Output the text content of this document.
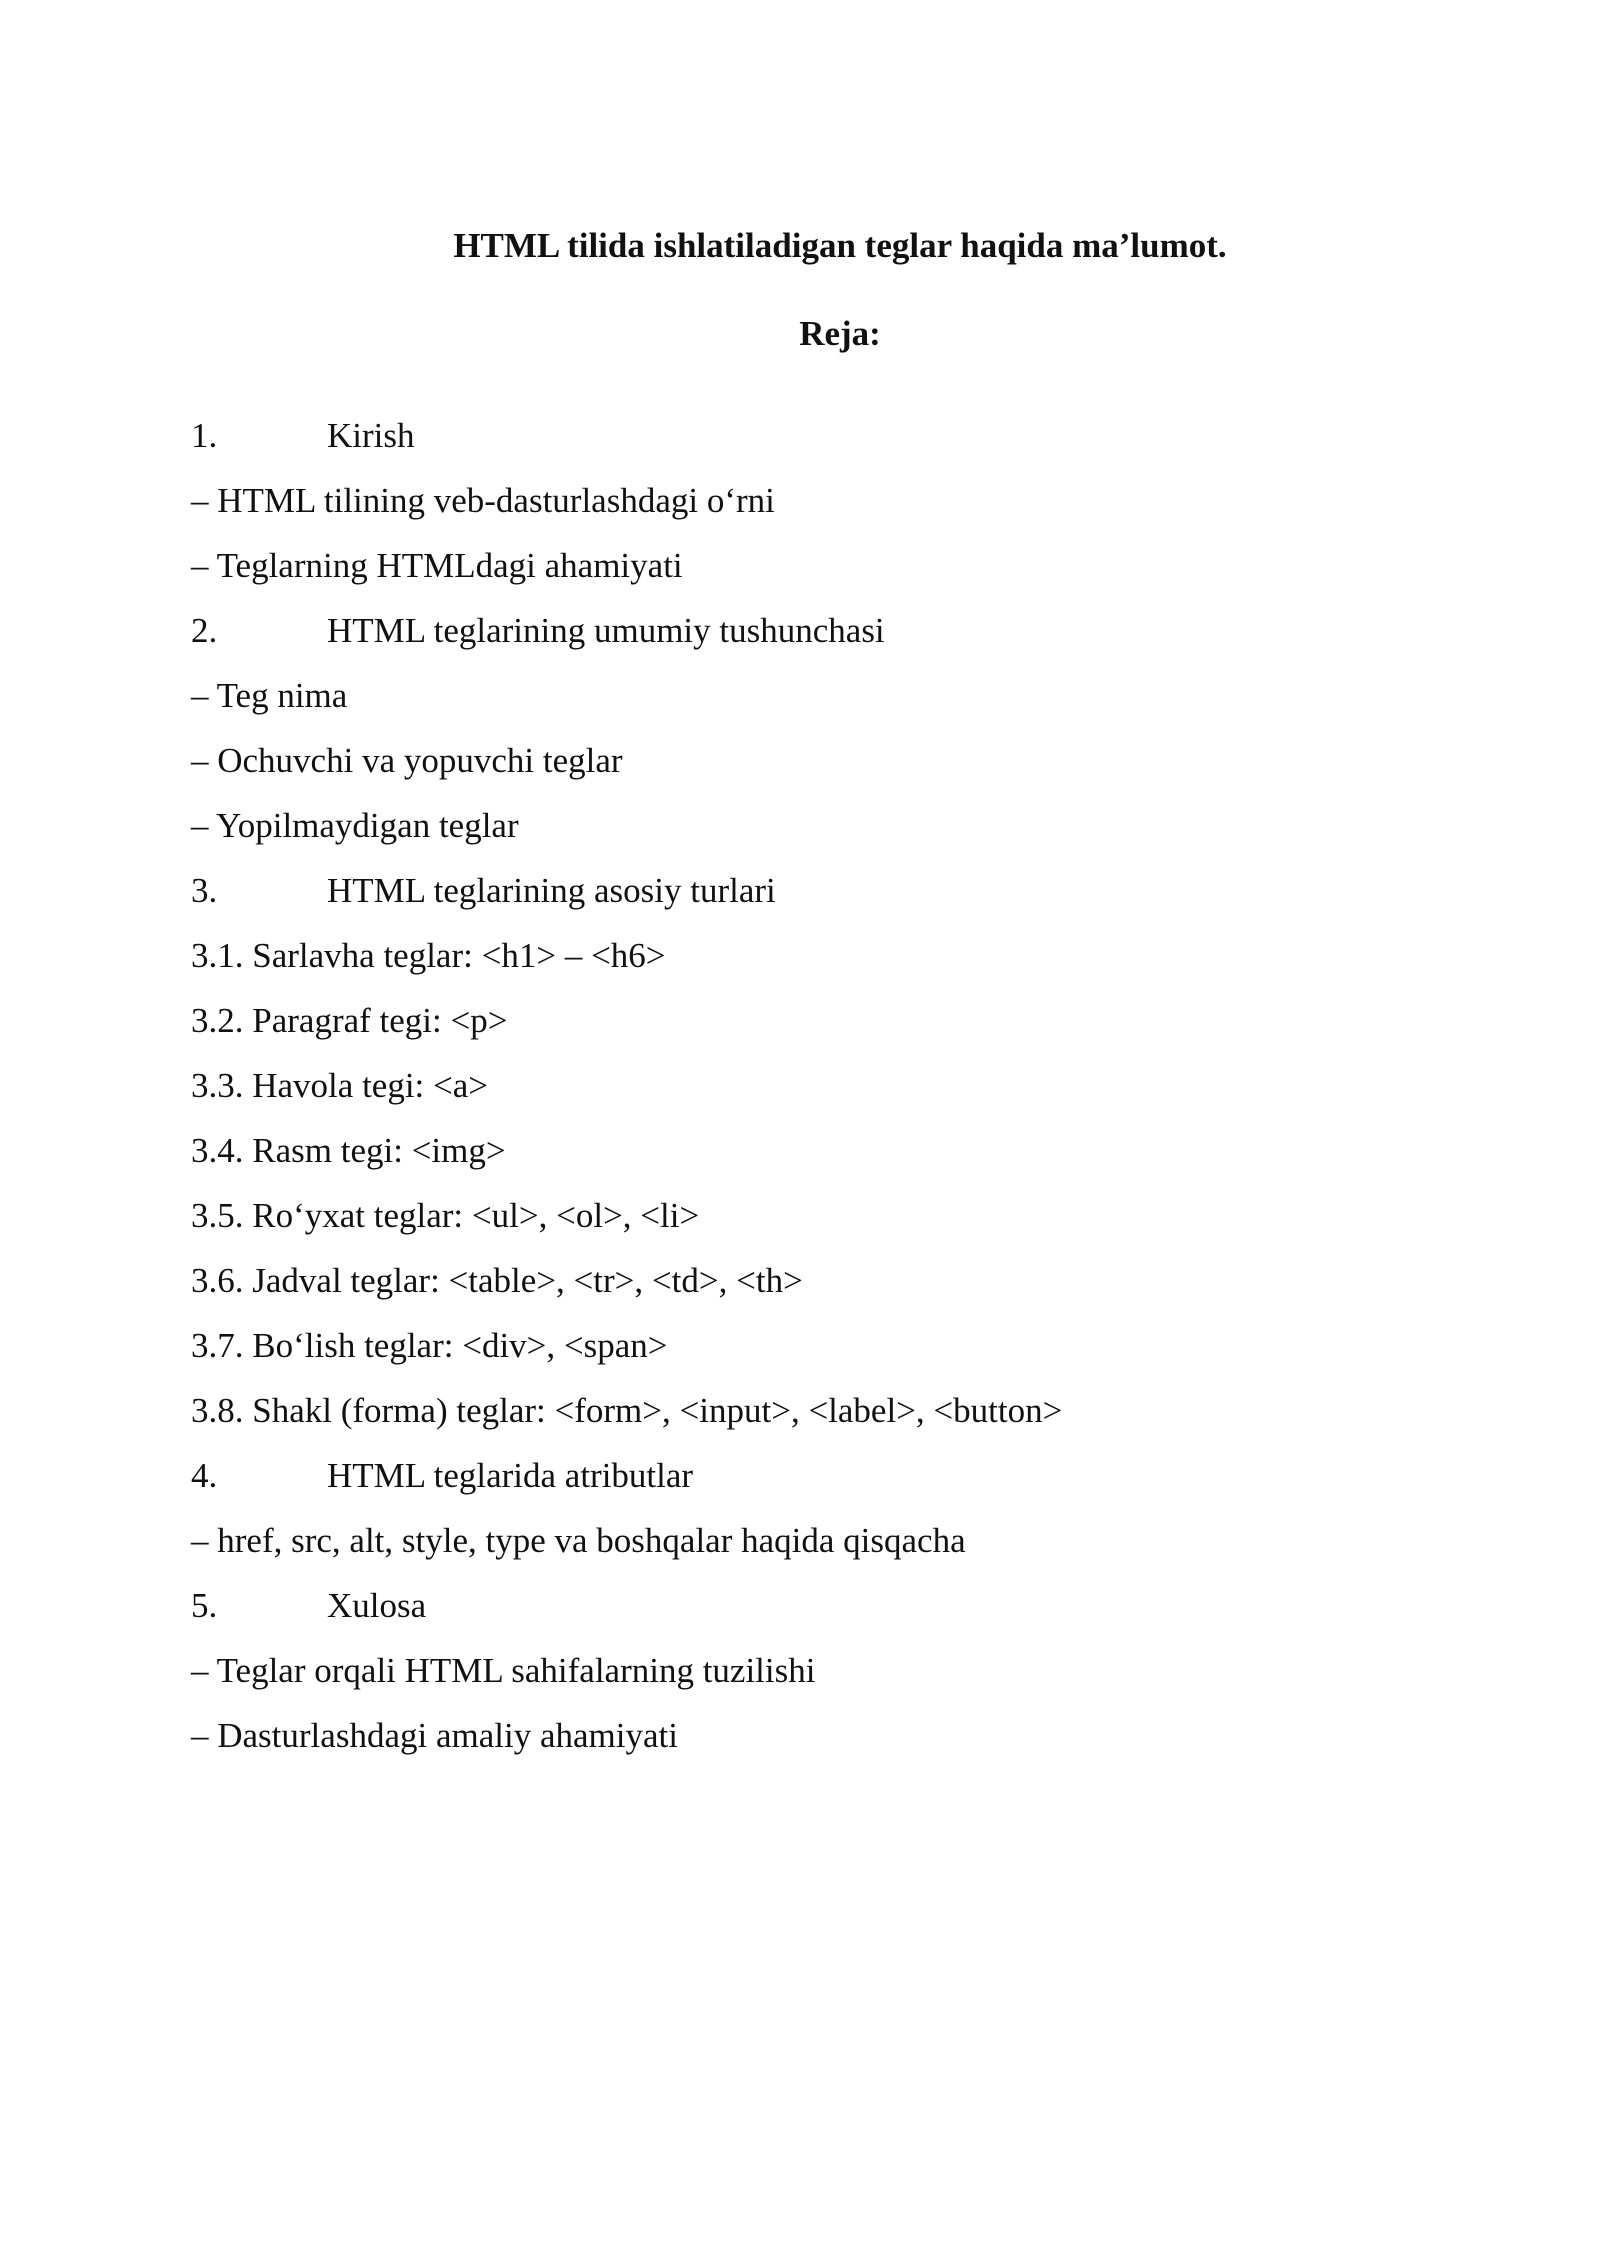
HTML tilida ishlatiladigan teglar haqida ma’lumot.
Reja:
1.	Kirish
– HTML tilining veb-dasturlashdagi o‘rni
– Teglarning HTMLdagi ahamiyati
2.	HTML teglarining umumiy tushunchasi
– Teg nima
– Ochuvchi va yopuvchi teglar
– Yopilmaydigan teglar
3.	HTML teglarining asosiy turlari
3.1. Sarlavha teglar: <h1> – <h6>
3.2. Paragraf tegi: <p>
3.3. Havola tegi: <a>
3.4. Rasm tegi: <img>
3.5. Ro‘yxat teglar: <ul>, <ol>, <li>
3.6. Jadval teglar: <table>, <tr>, <td>, <th>
3.7. Bo‘lish teglar: <div>, <span>
3.8. Shakl (forma) teglar: <form>, <input>, <label>, <button>
4.	HTML teglarida atributlar
– href, src, alt, style, type va boshqalar haqida qisqacha
5.	Xulosa
– Teglar orqali HTML sahifalarning tuzilishi
– Dasturlashdagi amaliy ahamiyati
